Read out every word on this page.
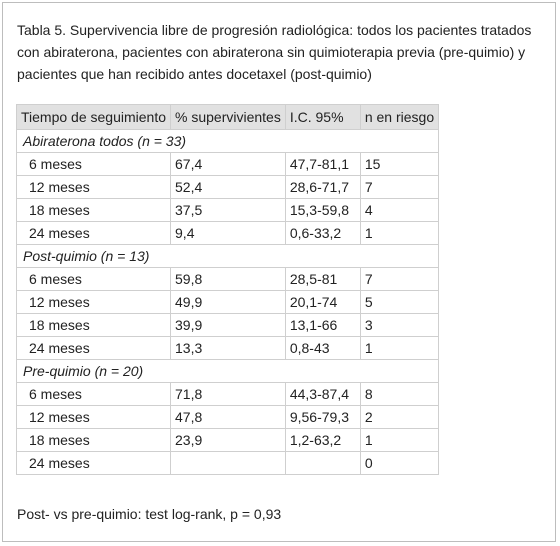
Tabla 5. Supervivencia libre de progresión radiológica: todos los pacientes tratados con abiraterona, pacientes con abiraterona sin quimioterapia previa (pre-quimio) y pacientes que han recibido antes docetaxel (post-quimio)

Tiempo de seguimiento	% supervivientes	I.C. 95%	n en riesgo
Abiraterona todos (n = 33)			
6 meses	67,4	47,7-81,1	15
12 meses	52,4	28,6-71,7	7
18 meses	37,5	15,3-59,8	4
24 meses	9,4	0,6-33,2	1
Post-quimio (n = 13)			
6 meses	59,8	28,5-81	7
12 meses	49,9	20,1-74	5
18 meses	39,9	13,1-66	3
24 meses	13,3	0,8-43	1
Pre-quimio (n = 20)			
6 meses	71,8	44,3-87,4	8
12 meses	47,8	9,56-79,3	2
18 meses	23,9	1,2-63,2	1
24 meses			0

Post- vs pre-quimio: test log-rank, p = 0,93
